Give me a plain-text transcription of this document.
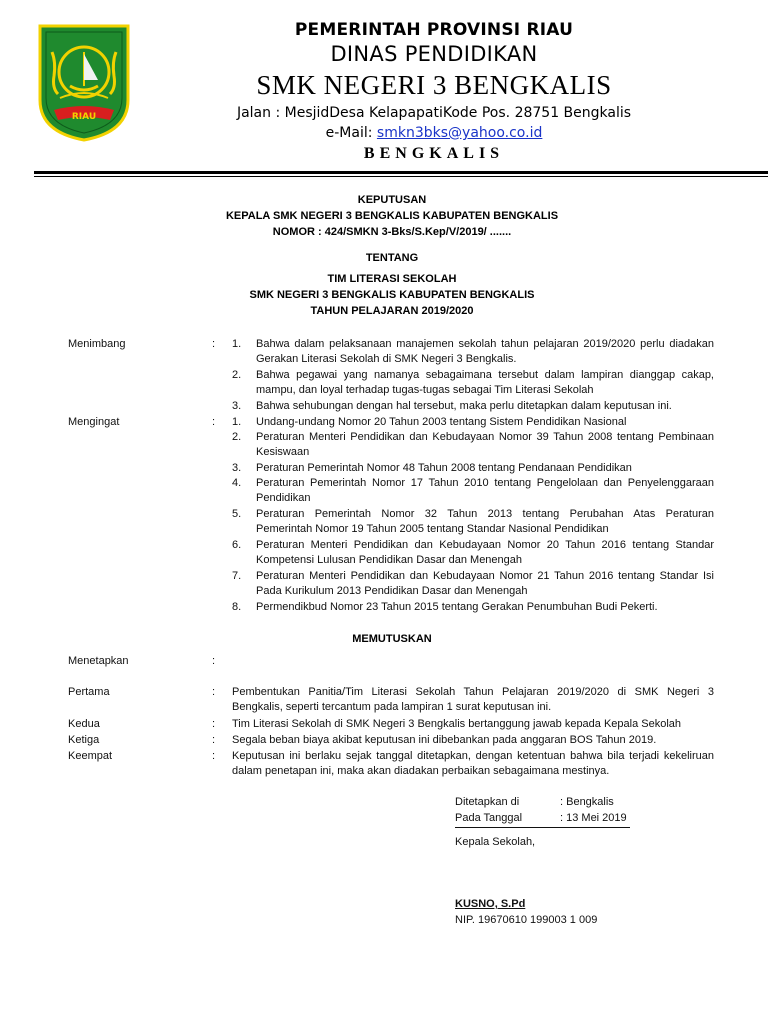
RIAU
PEMERINTAH PROVINSI RIAU
DINAS PENDIDIKAN
SMK NEGERI 3 BENGKALIS
Jalan : MesjidDesa KelapapatiKode Pos. 28751 Bengkalis
e-Mail: smkn3bks@yahoo.co.id
BENGKALIS
KEPUTUSAN
KEPALA SMK NEGERI 3 BENGKALIS KABUPATEN BENGKALIS
NOMOR : 424/SMKN 3-Bks/S.Kep/V/2019/ .......
TENTANG
TIM LITERASI SEKOLAH
SMK NEGERI 3 BENGKALIS KABUPATEN BENGKALIS
TAHUN PELAJARAN 2019/2020
Menimbang	: 1. Bahwa dalam pelaksanaan manajemen sekolah tahun pelajaran 2019/2020 perlu diadakan
Gerakan Literasi Sekolah di SMK Negeri 3 Bengkalis.
2. Bahwa pegawai yang namanya sebagaimana tersebut dalam lampiran dianggap cakap,
mampu, dan loyal terhadap tugas-tugas sebagai Tim Literasi Sekolah
3. Bahwa sehubungan dengan hal tersebut, maka perlu ditetapkan dalam keputusan ini.
Mengingat	: 1. Undang-undang Nomor 20 Tahun 2003 tentang Sistem Pendidikan Nasional
2. Peraturan Menteri Pendidikan dan Kebudayaan Nomor 39 Tahun 2008 tentang Pembinaan
Kesiswaan
3. Peraturan Pemerintah Nomor 48 Tahun 2008 tentang Pendanaan Pendidikan
4. Peraturan Pemerintah Nomor 17 Tahun 2010 tentang Pengelolaan dan Penyelenggaraan
Pendidikan
5. Peraturan Pemerintah Nomor 32 Tahun 2013 tentang Perubahan Atas Peraturan
Pemerintah Nomor 19 Tahun 2005 tentang Standar Nasional Pendidikan
6. Peraturan Menteri Pendidikan dan Kebudayaan Nomor 20 Tahun 2016 tentang Standar
Kompetensi Lulusan Pendidikan Dasar dan Menengah
7. Peraturan Menteri Pendidikan dan Kebudayaan Nomor 21 Tahun 2016 tentang Standar Isi
Pada Kurikulum 2013 Pendidikan Dasar dan Menengah
8. Permendikbud Nomor 23 Tahun 2015 tentang Gerakan Penumbuhan Budi Pekerti.
MEMUTUSKAN
Menetapkan	:
Pertama	: Pembentukan Panitia/Tim Literasi Sekolah Tahun Pelajaran 2019/2020 di SMK Negeri 3
Bengkalis, seperti tercantum pada lampiran 1 surat keputusan ini.
Kedua	: Tim Literasi Sekolah di SMK Negeri 3 Bengkalis bertanggung jawab kepada Kepala Sekolah
Ketiga	: Segala beban biaya akibat keputusan ini dibebankan pada anggaran BOS Tahun 2019.
Keempat	: Keputusan ini berlaku sejak tanggal ditetapkan, dengan ketentuan bahwa bila terjadi kekeliruan
dalam penetapan ini, maka akan diadakan perbaikan sebagaimana mestinya.
Ditetapkan di	: Bengkalis
Pada Tanggal	: 13 Mei 2019
Kepala Sekolah,
KUSNO, S.Pd
NIP. 19670610 199003 1 009
